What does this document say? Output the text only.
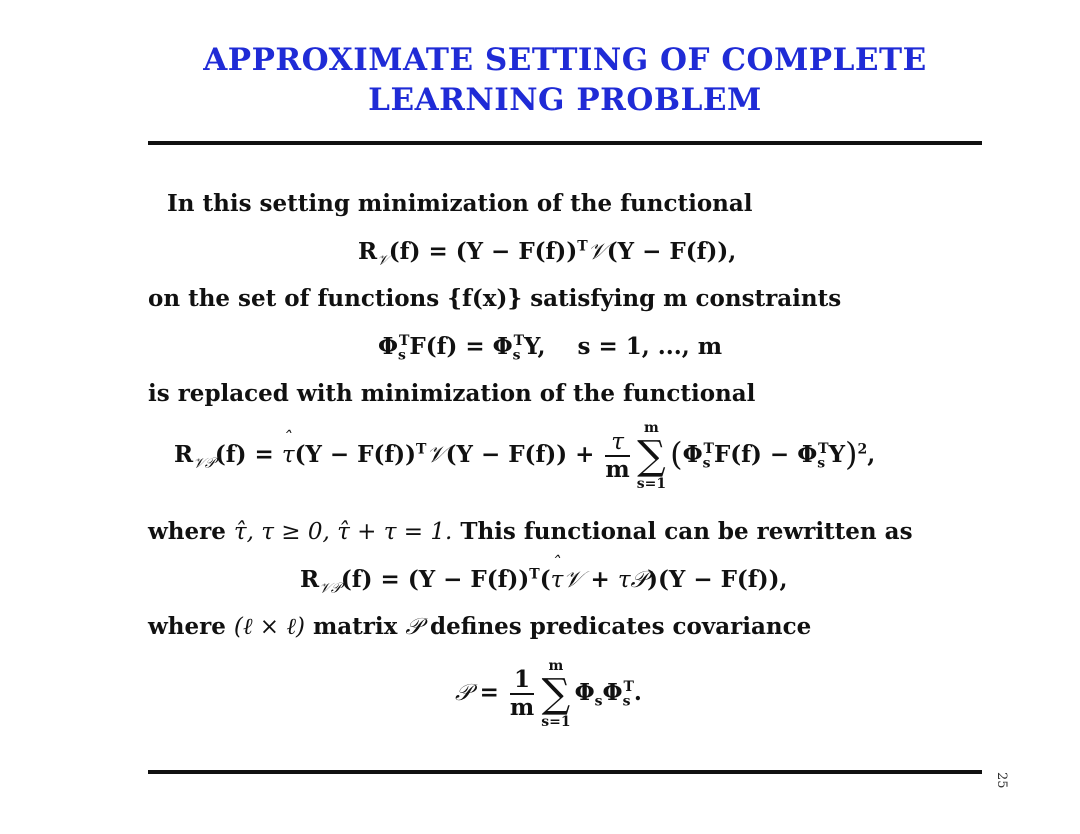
APPROXIMATE SETTING OF COMPLETE
LEARNING PROBLEM
In this setting minimization of the functional
$R_𝒱(f) = (Y$ − $F(f))^T𝒱(Y - F(f))$,
on the set of functions {f(x)} satisfying m constraints
$\Phi_s^TF(f) = \Phi_s^TY$,    s = 1, ..., m
is replaced with minimization of the functional
$R_{𝒱𝒫}(f)$ = ˆ $\tau(Y - F(f))^T𝒱(Y - F(f)) + \frac{\tau}{m}$
m
∑
s=1
$(\Phi_s^TF(f) - \Phi_s^TY)^2$,
where τ̂, τ ≥ 0, τ̂ + τ = 1. This functional can be rewritten as
$R_{𝒱𝒫}(f) = (Y$ − $F(f))^T(ˆ$ τ𝒱 + τ𝒫)(Y − F(f)),
where (ℓ × ℓ) matrix 𝒫 defines predicates covariance
𝒫 = $\frac{1}{m}$
m
∑
s=1
$\Phi_s\Phi_s^T$.
25
